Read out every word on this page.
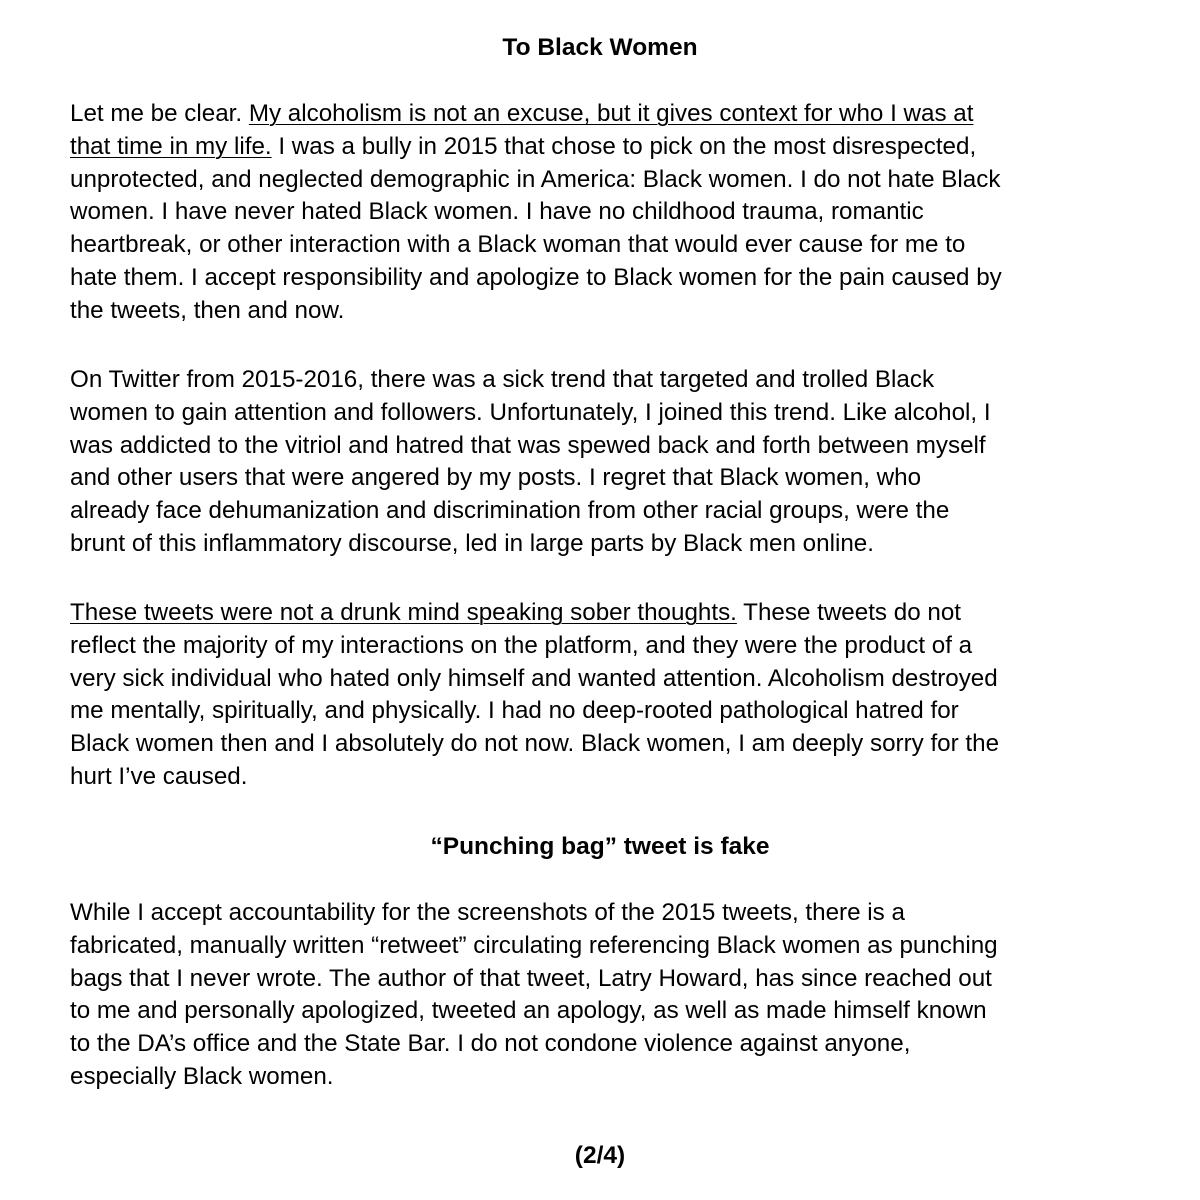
To Black Women
Let me be clear. My alcoholism is not an excuse, but it gives context for who I was at
that time in my life. I was a bully in 2015 that chose to pick on the most disrespected,
unprotected, and neglected demographic in America: Black women. I do not hate Black
women. I have never hated Black women. I have no childhood trauma, romantic
heartbreak, or other interaction with a Black woman that would ever cause for me to
hate them. I accept responsibility and apologize to Black women for the pain caused by
the tweets, then and now.
On Twitter from 2015-2016, there was a sick trend that targeted and trolled Black
women to gain attention and followers. Unfortunately, I joined this trend. Like alcohol, I
was addicted to the vitriol and hatred that was spewed back and forth between myself
and other users that were angered by my posts. I regret that Black women, who
already face dehumanization and discrimination from other racial groups, were the
brunt of this inflammatory discourse, led in large parts by Black men online.
These tweets were not a drunk mind speaking sober thoughts. These tweets do not
reflect the majority of my interactions on the platform, and they were the product of a
very sick individual who hated only himself and wanted attention. Alcoholism destroyed
me mentally, spiritually, and physically. I had no deep-rooted pathological hatred for
Black women then and I absolutely do not now. Black women, I am deeply sorry for the
hurt I’ve caused.
“Punching bag” tweet is fake
While I accept accountability for the screenshots of the 2015 tweets, there is a
fabricated, manually written “retweet” circulating referencing Black women as punching
bags that I never wrote. The author of that tweet, Latry Howard, has since reached out
to me and personally apologized, tweeted an apology, as well as made himself known
to the DA’s office and the State Bar. I do not condone violence against anyone,
especially Black women.
(2/4)
